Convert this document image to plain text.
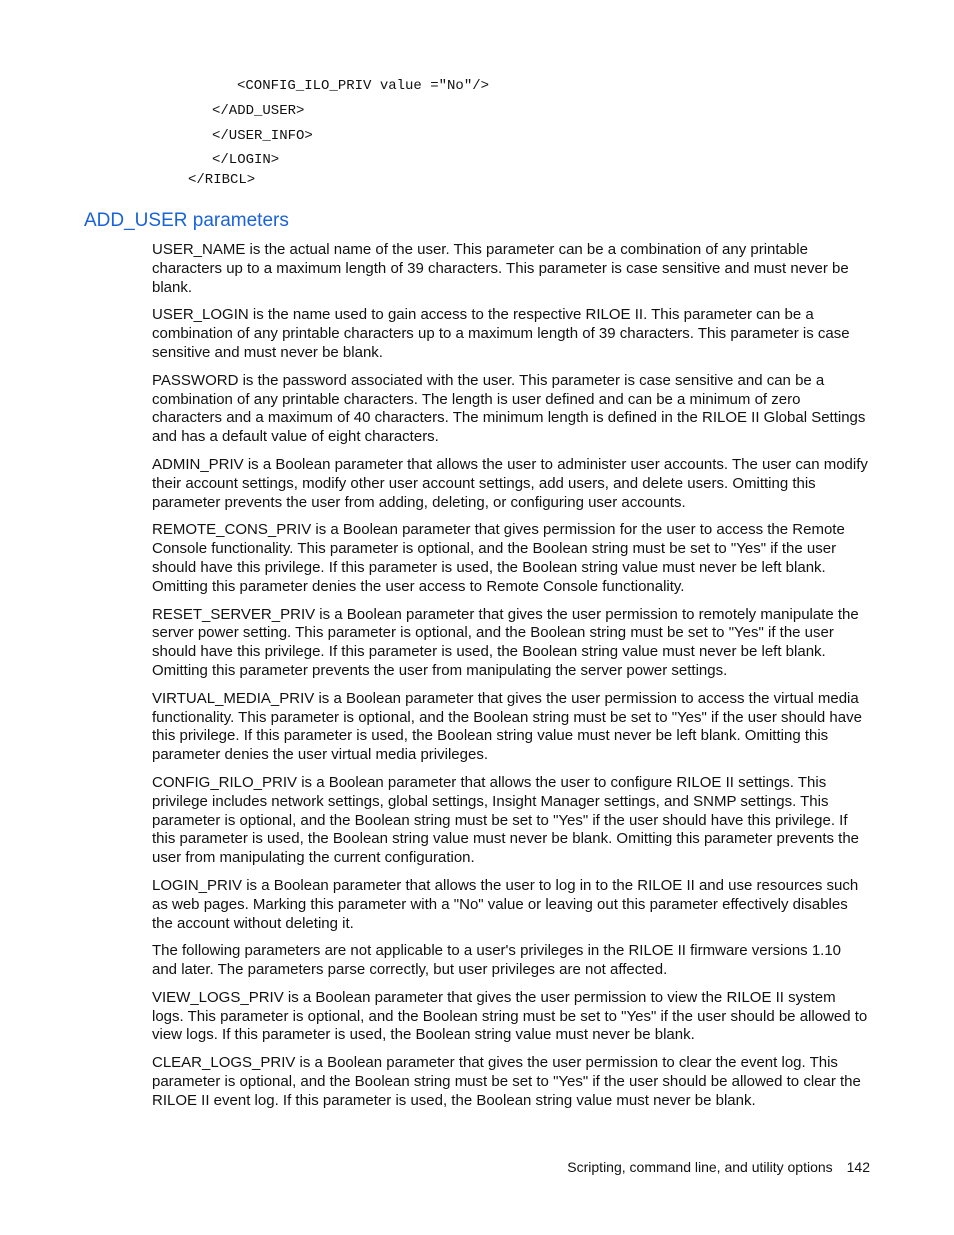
<CONFIG_ILO_PRIV value ="No"/>
</ADD_USER>
</USER_INFO>
</LOGIN>
</RIBCL>
ADD_USER parameters

USER_NAME is the actual name of the user. This parameter can be a combination of any printable characters up to a maximum length of 39 characters. This parameter is case sensitive and must never be blank.

USER_LOGIN is the name used to gain access to the respective RILOE II. This parameter can be a combination of any printable characters up to a maximum length of 39 characters. This parameter is case sensitive and must never be blank.

PASSWORD is the password associated with the user. This parameter is case sensitive and can be a combination of any printable characters. The length is user defined and can be a minimum of zero characters and a maximum of 40 characters. The minimum length is defined in the RILOE II Global Settings and has a default value of eight characters.

ADMIN_PRIV is a Boolean parameter that allows the user to administer user accounts. The user can modify their account settings, modify other user account settings, add users, and delete users. Omitting this parameter prevents the user from adding, deleting, or configuring user accounts.

REMOTE_CONS_PRIV is a Boolean parameter that gives permission for the user to access the Remote Console functionality. This parameter is optional, and the Boolean string must be set to "Yes" if the user should have this privilege. If this parameter is used, the Boolean string value must never be left blank. Omitting this parameter denies the user access to Remote Console functionality.

RESET_SERVER_PRIV is a Boolean parameter that gives the user permission to remotely manipulate the server power setting. This parameter is optional, and the Boolean string must be set to "Yes" if the user should have this privilege. If this parameter is used, the Boolean string value must never be left blank. Omitting this parameter prevents the user from manipulating the server power settings.

VIRTUAL_MEDIA_PRIV is a Boolean parameter that gives the user permission to access the virtual media functionality. This parameter is optional, and the Boolean string must be set to "Yes" if the user should have this privilege. If this parameter is used, the Boolean string value must never be left blank. Omitting this parameter denies the user virtual media privileges.

CONFIG_RILO_PRIV is a Boolean parameter that allows the user to configure RILOE II settings. This privilege includes network settings, global settings, Insight Manager settings, and SNMP settings. This parameter is optional, and the Boolean string must be set to "Yes" if the user should have this privilege. If this parameter is used, the Boolean string value must never be blank. Omitting this parameter prevents the user from manipulating the current configuration.

LOGIN_PRIV is a Boolean parameter that allows the user to log in to the RILOE II and use resources such as web pages. Marking this parameter with a "No" value or leaving out this parameter effectively disables the account without deleting it.

The following parameters are not applicable to a user's privileges in the RILOE II firmware versions 1.10 and later. The parameters parse correctly, but user privileges are not affected.

VIEW_LOGS_PRIV is a Boolean parameter that gives the user permission to view the RILOE II system logs. This parameter is optional, and the Boolean string must be set to "Yes" if the user should be allowed to view logs. If this parameter is used, the Boolean string value must never be blank.

CLEAR_LOGS_PRIV is a Boolean parameter that gives the user permission to clear the event log. This parameter is optional, and the Boolean string must be set to "Yes" if the user should be allowed to clear the RILOE II event log. If this parameter is used, the Boolean string value must never be blank.

Scripting, command line, and utility options 142
